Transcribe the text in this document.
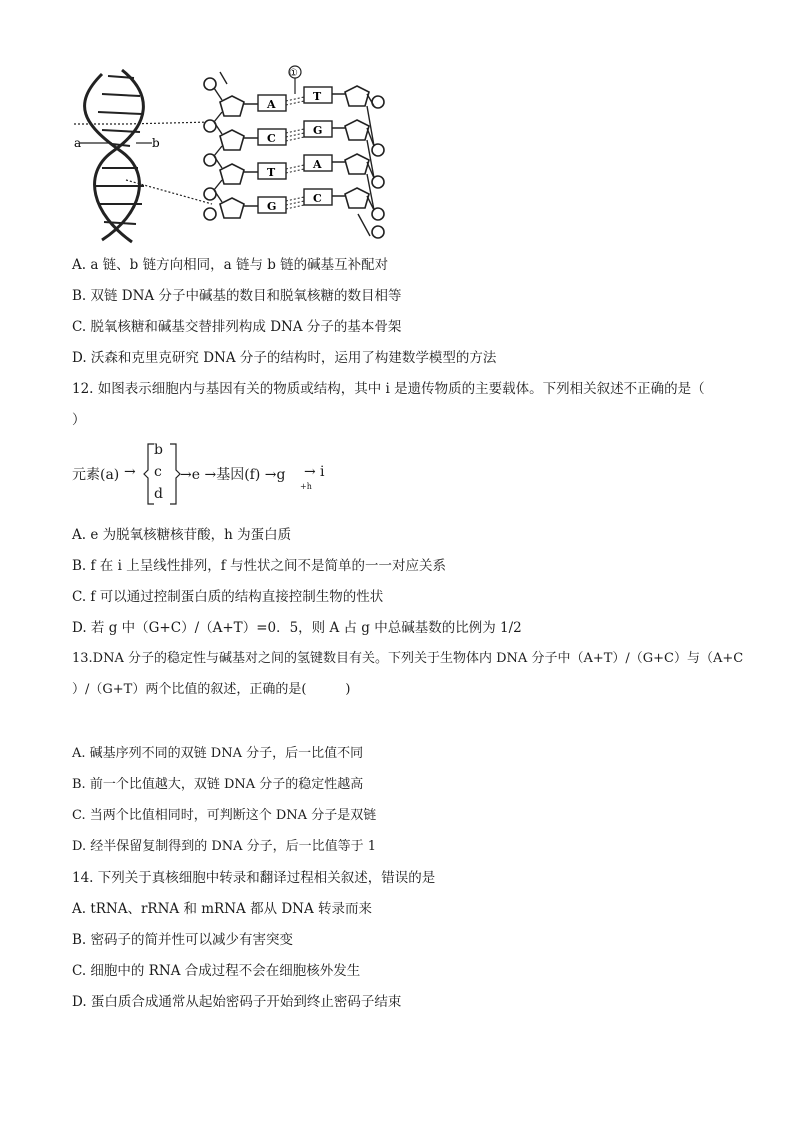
a	b
①
A
T
C
G
T
A
G
C
A. a 链、b 链方向相同，a 链与 b 链的碱基互补配对
B. 双链 DNA 分子中碱基的数目和脱氧核糖的数目相等
C. 脱氧核糖和碱基交替排列构成 DNA 分子的基本骨架
D. 沃森和克里克研究 DNA 分子的结构时，运用了构建数学模型的方法
12. 如图表示细胞内与基因有关的物质或结构，其中 i 是遗传物质的主要载体。下列相关叙述不正确的是（
）
元素(a) →
b
c
d
→e →基因(f) →g → i
+h
A. e 为脱氧核糖核苷酸，h 为蛋白质
B. f 在 i 上呈线性排列，f 与性状之间不是简单的一一对应关系
C. f 可以通过控制蛋白质的结构直接控制生物的性状
D. 若 g 中（G+C）/（A+T）=0．5，则 A 占 g 中总碱基数的比例为 1/2
13.DNA 分子的稳定性与碱基对之间的氢键数目有关。下列关于生物体内 DNA 分子中（A+T）/（G+C）与（A+C
）/（G+T）两个比值的叙述，正确的是(　　　)
A. 碱基序列不同的双链 DNA 分子，后一比值不同
B. 前一个比值越大，双链 DNA 分子的稳定性越高
C. 当两个比值相同时，可判断这个 DNA 分子是双链
D. 经半保留复制得到的 DNA 分子，后一比值等于 1
14. 下列关于真核细胞中转录和翻译过程相关叙述，错误的是
A. tRNA、rRNA 和 mRNA 都从 DNA 转录而来
B. 密码子的简并性可以减少有害突变
C. 细胞中的 RNA 合成过程不会在细胞核外发生
D. 蛋白质合成通常从起始密码子开始到终止密码子结束
